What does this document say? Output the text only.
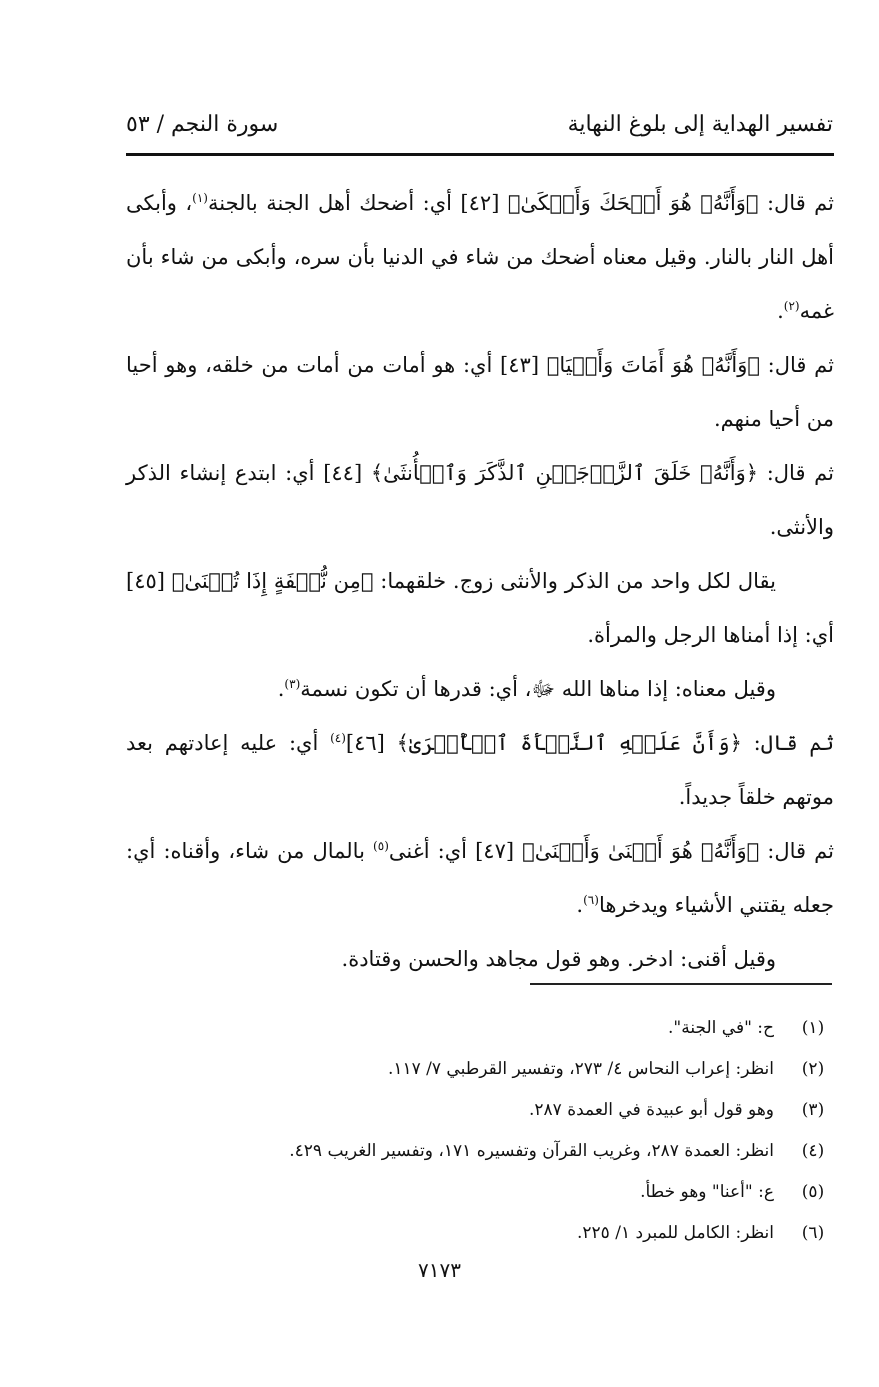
تفسير الهداية إلى بلوغ النهاية
سورة النجم / ٥٣

ثم قال: ﴿وَأَنَّهُۥ هُوَ أَضۡحَكَ وَأَبۡكَىٰ﴾ [٤٢] أي: أضحك أهل الجنة بالجنة$^{(١)}$، وأبكى أهل النار بالنار. وقيل معناه أضحك من شاء في الدنيا بأن سره، وأبكى من شاء بأن غمه$^{(٢)}$.

ثم قال: ﴿وَأَنَّهُۥ هُوَ أَمَاتَ وَأَحۡيَا﴾ [٤٣] أي: هو أمات من أمات من خلقه، وهو أحيا من أحيا منهم.

ثم قال: ﴿وَأَنَّهُۥ خَلَقَ ٱلزَّوۡجَيۡنِ ٱلذَّكَرَ وَٱلۡأُنثَىٰ﴾ [٤٤] أي: ابتدع إنشاء الذكر والأنثى.

يقال لكل واحد من الذكر والأنثى زوج. خلقهما: ﴿مِن نُّطۡفَةٍ إِذَا تُمۡنَىٰ﴾ [٤٥] أي: إذا أمناها الرجل والمرأة.

وقيل معناه: إذا مناها الله ﷻ، أي: قدرها أن تكون نسمة$^{(٣)}$.

ثم قال: ﴿وَأَنَّ عَلَيۡهِ ٱلنَّشۡأَةَ ٱلۡأُخۡرَىٰ﴾ [٤٦]$^{(٤)}$ أي: عليه إعادتهم بعد موتهم خلقاً جديداً.

ثم قال: ﴿وَأَنَّهُۥ هُوَ أَغۡنَىٰ وَأَقۡنَىٰ﴾ [٤٧] أي: أغنى$^{(٥)}$ بالمال من شاء، وأقناه: أي: جعله يقتني الأشياء ويدخرها$^{(٦)}$.

وقيل أقنى: ادخر. وهو قول مجاهد والحسن وقتادة.

(١)
ح: "في الجنة".
(٢)
انظر: إعراب النحاس ٤/ ٢٧٣، وتفسير القرطبي ٧/ ١١٧.
(٣)
وهو قول أبو عبيدة في العمدة ٢٨٧.
(٤)
انظر: العمدة ٢٨٧، وغريب القرآن وتفسيره ١٧١، وتفسير الغريب ٤٢٩.
(٥)
ع: "أعنا" وهو خطأ.
(٦)
انظر: الكامل للمبرد ١/ ٢٢٥.
٧١٧٣
